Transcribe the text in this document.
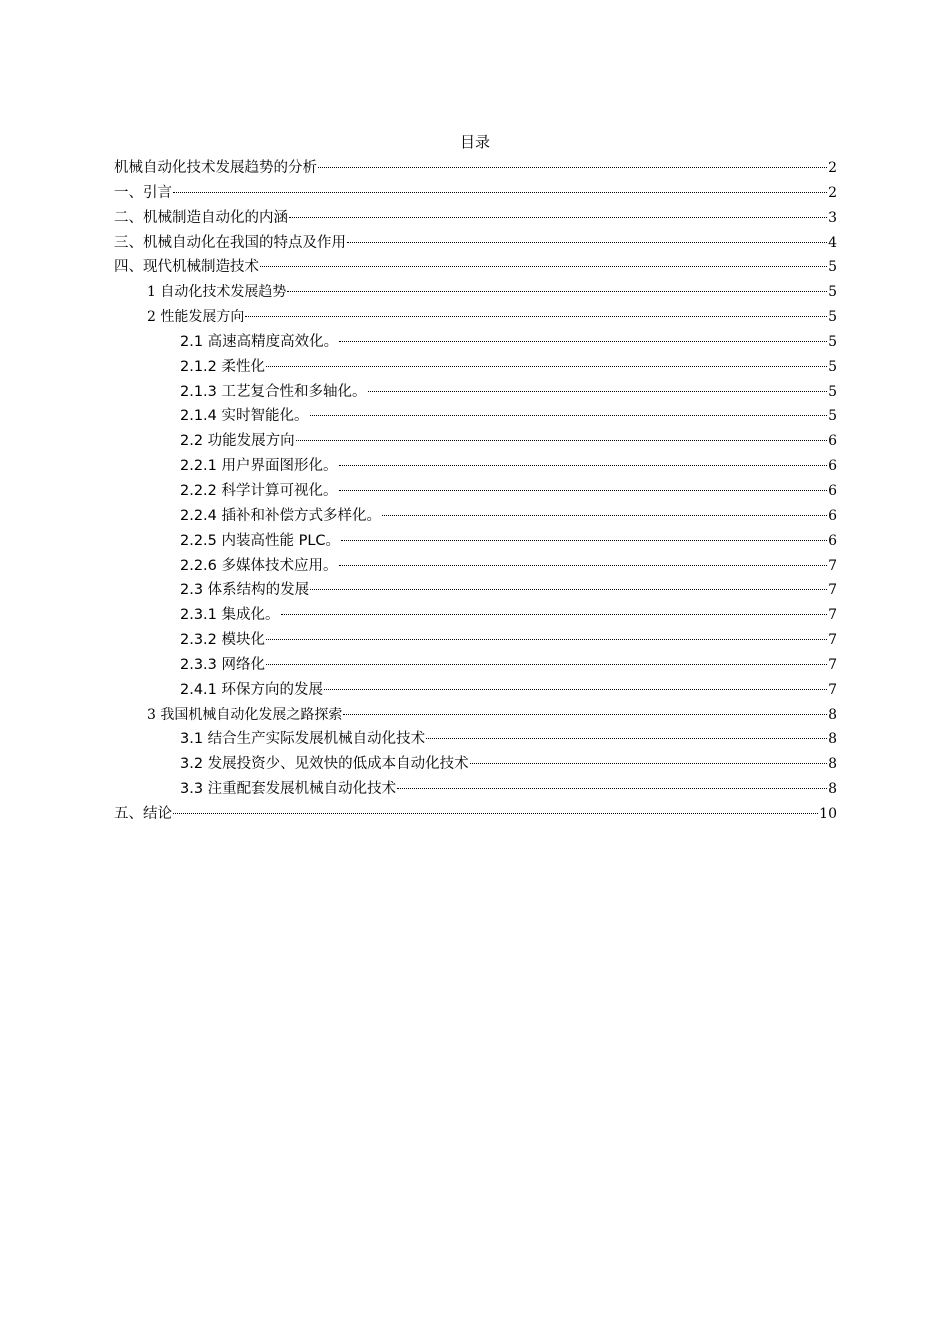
目录
机械自动化技术发展趋势的分析	2
一、引言	2
二、机械制造自动化的内涵	3
三、机械自动化在我国的特点及作用	4
四、现代机械制造技术	5
1 自动化技术发展趋势	5
2 性能发展方向	5
2.1 高速高精度高效化。	5
2.1.2 柔性化	5
2.1.3 工艺复合性和多轴化。	5
2.1.4 实时智能化。	5
2.2 功能发展方向	6
2.2.1 用户界面图形化。	6
2.2.2 科学计算可视化。	6
2.2.4 插补和补偿方式多样化。	6
2.2.5 内装高性能 PLC。	6
2.2.6 多媒体技术应用。	7
2.3 体系结构的发展	7
2.3.1 集成化。	7
2.3.2 模块化	7
2.3.3 网络化	7
2.4.1 环保方向的发展	7
3 我国机械自动化发展之路探索	8
3.1 结合生产实际发展机械自动化技术	8
3.2 发展投资少、见效快的低成本自动化技术	8
3.3 注重配套发展机械自动化技术	8
五、结论	10
